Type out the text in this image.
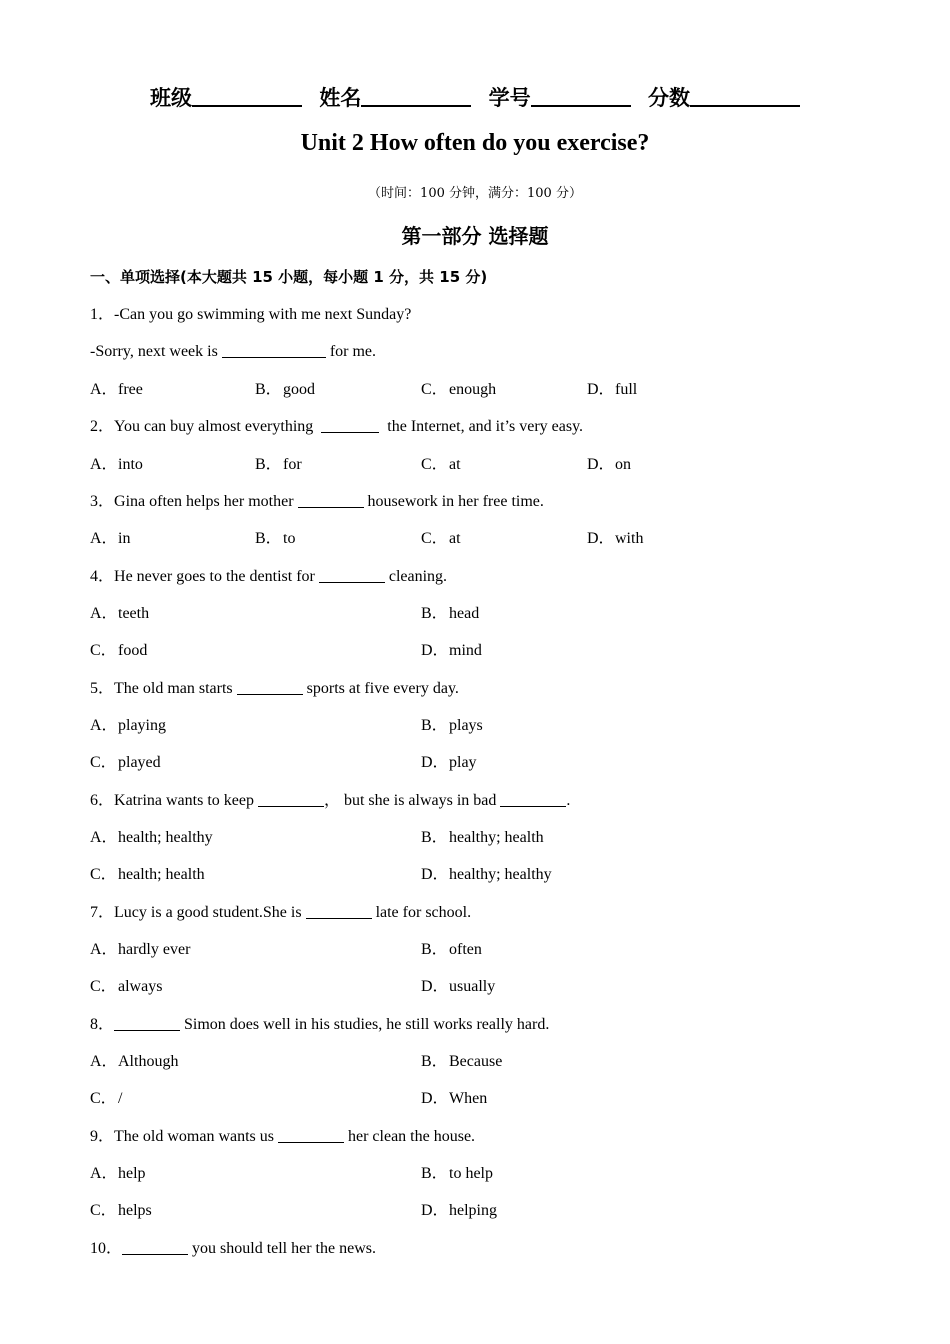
班级	姓名	学号	分数
Unit 2 How often do you exercise?
（时间：100 分钟，满分：100 分）
第一部分 选择题
一、单项选择(本大题共 15 小题，每小题 1 分，共 15 分)
1．-Can you go swimming with me next Sunday?
-Sorry, next week is	for me.
A．free	B．good	C．enough	D．full
2．You can buy almost everything	the Internet, and it’s very easy.
A．into	B．for	C．at	D．on
3．Gina often helps her mother	housework in her free time.
A．in	B．to	C．at	D．with
4．He never goes to the dentist for	cleaning.
A．teeth	B．head
C．food	D．mind
5．The old man starts	sports at five every day.
A．playing	B．plays
C．played	D．play
6．Katrina wants to keep	， but she is always in bad	.
A．health; healthy	B．healthy; health
C．health; health	D．healthy; healthy
7．Lucy is a good student.She is	late for school.
A．hardly ever	B．often
C．always	D．usually
8．	Simon does well in his studies, he still works really hard.
A．Although	B．Because
C．/	D．When
9．The old woman wants us	her clean the house.
A．help	B．to help
C．helps	D．helping
10．	you should tell her the news.
